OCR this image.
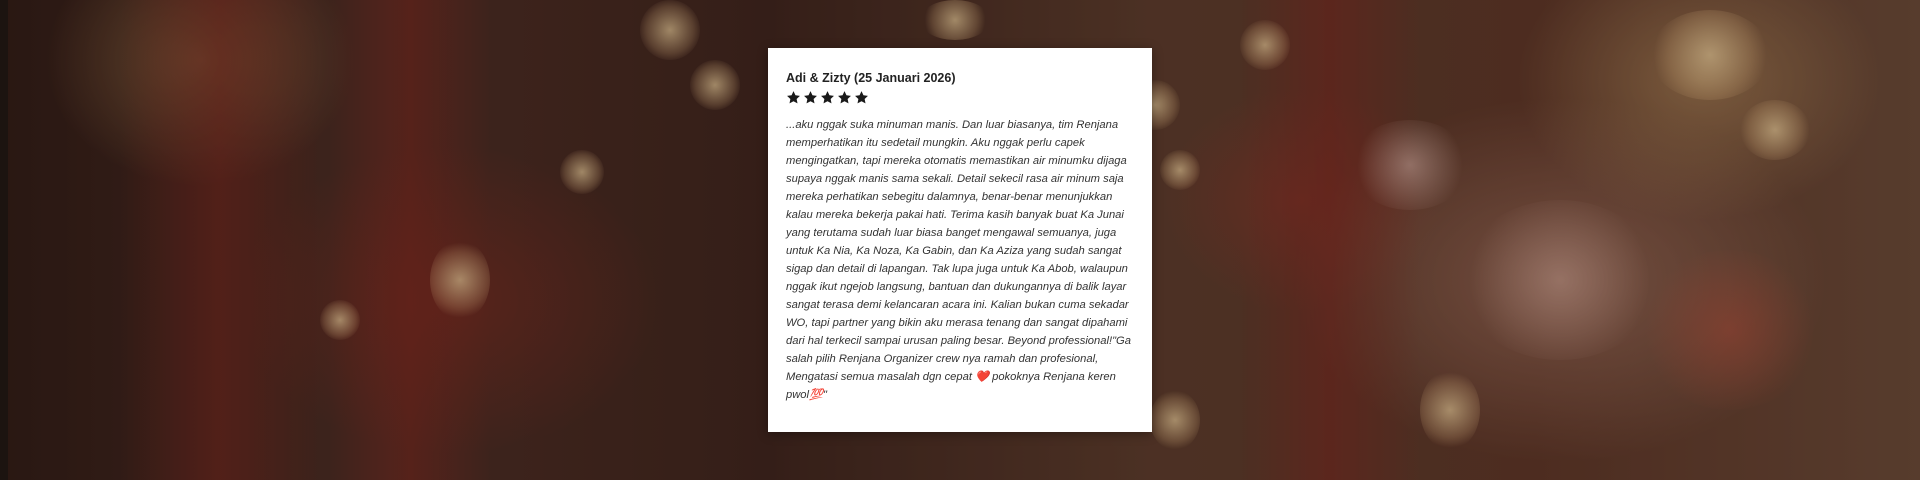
Adi & Zizty (25 Januari 2026)

...aku nggak suka minuman manis. Dan luar biasanya, tim Renjana memperhatikan itu sedetail mungkin. Aku nggak perlu capek mengingatkan, tapi mereka otomatis memastikan air minumku dijaga supaya nggak manis sama sekali. Detail sekecil rasa air minum saja mereka perhatikan sebegitu dalamnya, benar-benar menunjukkan kalau mereka bekerja pakai hati. Terima kasih banyak buat Ka Junai yang terutama sudah luar biasa banget mengawal semuanya, juga untuk Ka Nia, Ka Noza, Ka Gabin, dan Ka Aziza yang sudah sangat sigap dan detail di lapangan. Tak lupa juga untuk Ka Abob, walaupun nggak ikut ngejob langsung, bantuan dan dukungannya di balik layar sangat terasa demi kelancaran acara ini. Kalian bukan cuma sekadar WO, tapi partner yang bikin aku merasa tenang dan sangat dipahami dari hal terkecil sampai urusan paling besar. Beyond professional!"Ga salah pilih Renjana Organizer crew nya ramah dan profesional, Mengatasi semua masalah dgn cepat ❤️ pokoknya Renjana keren pwol💯"
